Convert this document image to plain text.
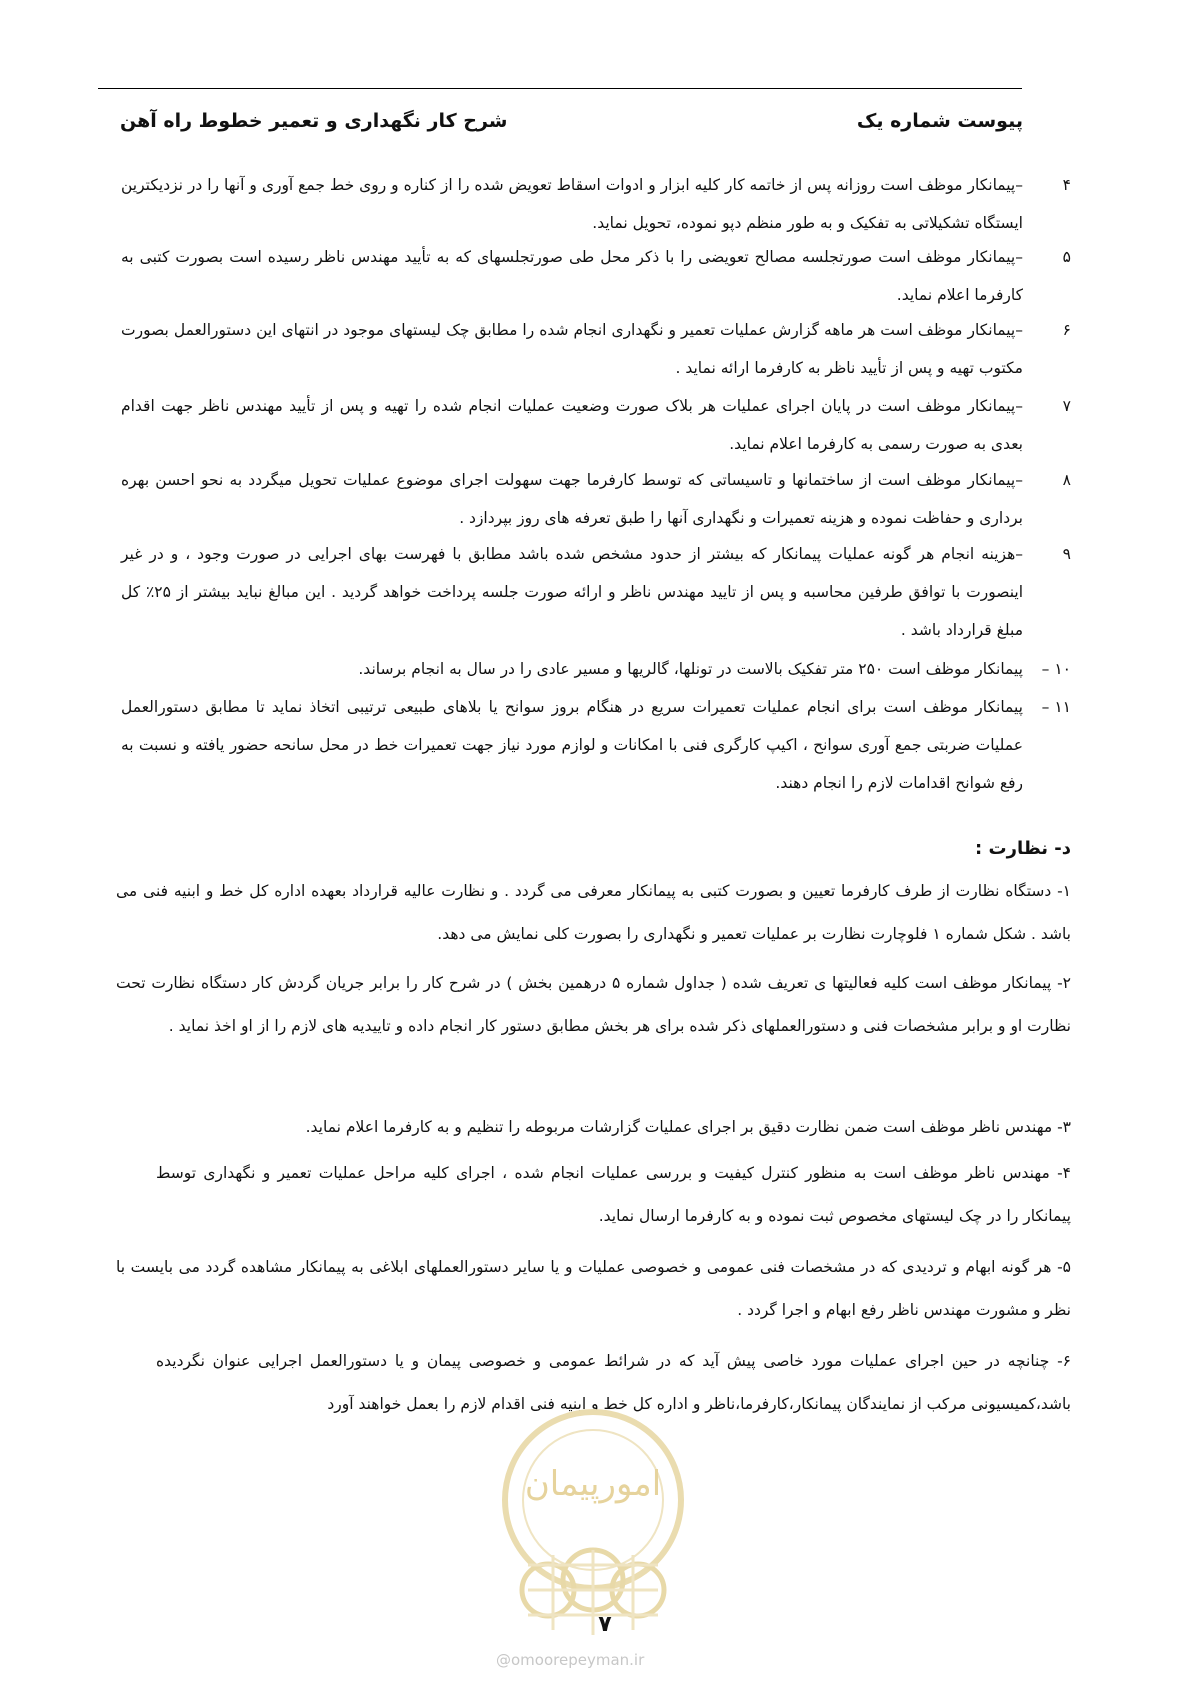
پیوست شماره یک
شرح کار نگهداری و تعمیر خطوط راه آهن
۴
–پیمانکار موظف است روزانه پس از خاتمه کار کلیه ابزار و ادوات اسقاط تعویض شده را از کناره و روی خط جمع آوری و آنها را در نزدیکترین ایستگاه تشکیلاتی به تفکیک و به طور منظم دپو نموده، تحویل نماید.
۵
–پیمانکار موظف است صورتجلسه مصالح تعویضی را با ذکر محل طی صورتجلسهای که به تأیید مهندس ناظر رسیده است بصورت کتبی به کارفرما اعلام نماید.
۶
–پیمانکار موظف است هر ماهه گزارش عملیات تعمیر و نگهداری انجام شده را مطابق چک لیستهای موجود در انتهای این دستورالعمل بصورت مکتوب تهیه و پس از تأیید ناظر به کارفرما ارائه نماید .
۷
–پیمانکار موظف است در پایان اجرای عملیات هر بلاک صورت وضعیت عملیات انجام شده را تهیه و پس از تأیید مهندس ناظر جهت اقدام بعدی به صورت رسمی به کارفرما اعلام نماید.
۸
–پیمانکار موظف است از ساختمانها و تاسیساتی که توسط کارفرما جهت سهولت اجرای موضوع عملیات تحویل میگردد به نحو احسن بهره برداری و حفاظت نموده و هزینه تعمیرات و نگهداری آنها را طبق تعرفه های روز بپردازد .
۹
–هزینه انجام هر گونه عملیات پیمانکار که بیشتر از حدود مشخص شده باشد مطابق با فهرست بهای اجرایی در صورت وجود ، و در غیر اینصورت با توافق طرفین محاسبه و پس از تایید مهندس ناظر و ارائه صورت جلسه پرداخت خواهد گردید . این مبالغ نباید بیشتر از ۲۵٪ کل مبلغ قرارداد باشد .
۱۰ –
پیمانکار موظف است ۲۵۰ متر تفکیک بالاست در تونلها، گالریها و مسیر عادی را در سال به انجام برساند.
۱۱ –
پیمانکار موظف است برای انجام عملیات تعمیرات سریع در هنگام بروز سوانح یا بلاهای طبیعی ترتیبی اتخاذ نماید تا مطابق دستورالعمل عملیات ضربتی جمع آوری سوانح ، اکیپ کارگری فنی با امکانات و لوازم مورد نیاز جهت تعمیرات خط در محل سانحه حضور یافته و نسبت به رفع شوانح اقدامات لازم را انجام دهند.
د- نظارت :
۱- دستگاه نظارت از طرف کارفرما تعیین و بصورت کتبی به پیمانکار معرفی می گردد . و نظارت عالیه قرارداد بعهده اداره کل خط و ابنیه فنی می باشد . شکل شماره ۱ فلوچارت نظارت بر عملیات تعمیر و نگهداری را بصورت کلی نمایش می دهد.
۲- پیمانکار موظف است کلیه فعالیتها ی تعریف شده ( جداول شماره ۵ درهمین بخش ) در شرح کار را برابر جریان گردش کار دستگاه نظارت تحت نظارت او و برابر مشخصات فنی و دستورالعملهای ذکر شده برای هر بخش مطابق دستور کار انجام داده و تاییدیه های لازم را از او اخذ نماید .
۳- مهندس ناظر موظف است ضمن نظارت دقیق بر اجرای عملیات گزارشات مربوطه را تنظیم و به کارفرما اعلام نماید.
۴- مهندس ناظر موظف است به منظور کنترل کیفیت و بررسی عملیات انجام شده ، اجرای کلیه مراحل عملیات تعمیر و نگهداری توسط پیمانکار را در چک لیستهای مخصوص ثبت نموده و به کارفرما ارسال نماید.
۵- هر گونه ابهام و تردیدی که در مشخصات فنی عمومی و خصوصی عملیات و یا سایر دستورالعملهای ابلاغی به پیمانکار مشاهده گردد می بایست با نظر و مشورت مهندس ناظر رفع ابهام و اجرا گردد .
۶- چنانچه در حین اجرای عملیات مورد خاصی پیش آید که در شرائط عمومی و خصوصی پیمان و یا دستورالعمل اجرایی عنوان نگردیده باشد،کمیسیونی مرکب از نمایندگان پیمانکار،کارفرما،ناظر و اداره کل خط و ابنیه فنی اقدام لازم را بعمل خواهند آورد
امورپیمان
۷
@omoorepeyman.ir
